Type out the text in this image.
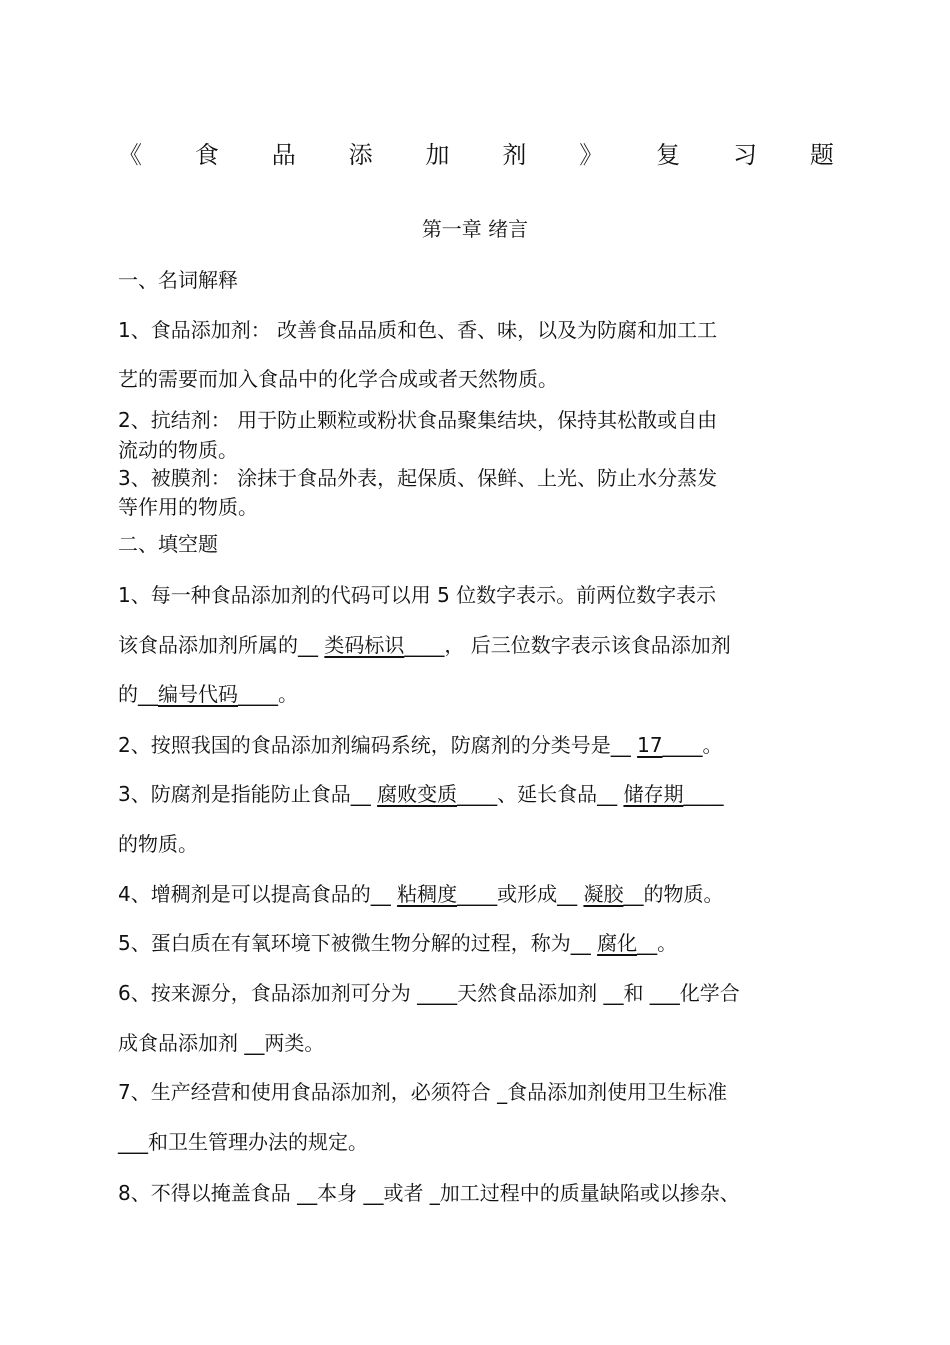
《 食 品 添 加 剂 》 复 习 题
第一章 绪言
一、名词解释
1、食品添加剂： 改善食品品质和色、香、味，以及为防腐和加工工
艺的需要而加入食品中的化学合成或者天然物质。
2、抗结剂： 用于防止颗粒或粉状食品聚集结块，保持其松散或自由
流动的物质。
3、被膜剂： 涂抹于食品外表，起保质、保鲜、上光、防止水分蒸发
等作用的物质。
二、填空题
1、每一种食品添加剂的代码可以用 5 位数字表示。前两位数字表示
该食品添加剂所属的__ 类码标识____， 后三位数字表示该食品添加剂
的__编号代码____。
2、按照我国的食品添加剂编码系统，防腐剂的分类号是__ 17____。
3、防腐剂是指能防止食品__ 腐败变质____、延长食品__ 储存期____
的物质。
4、增稠剂是可以提高食品的__ 粘稠度____或形成__ 凝胶__的物质。
5、蛋白质在有氧环境下被微生物分解的过程，称为__ 腐化__。
6、按来源分，食品添加剂可分为 ____天然食品添加剂 __和 ___化学合
成食品添加剂 __两类。
7、生产经营和使用食品添加剂，必须符合 _食品添加剂使用卫生标准
___和卫生管理办法的规定。
8、不得以掩盖食品 __本身 __或者 _加工过程中的质量缺陷或以掺杂、
